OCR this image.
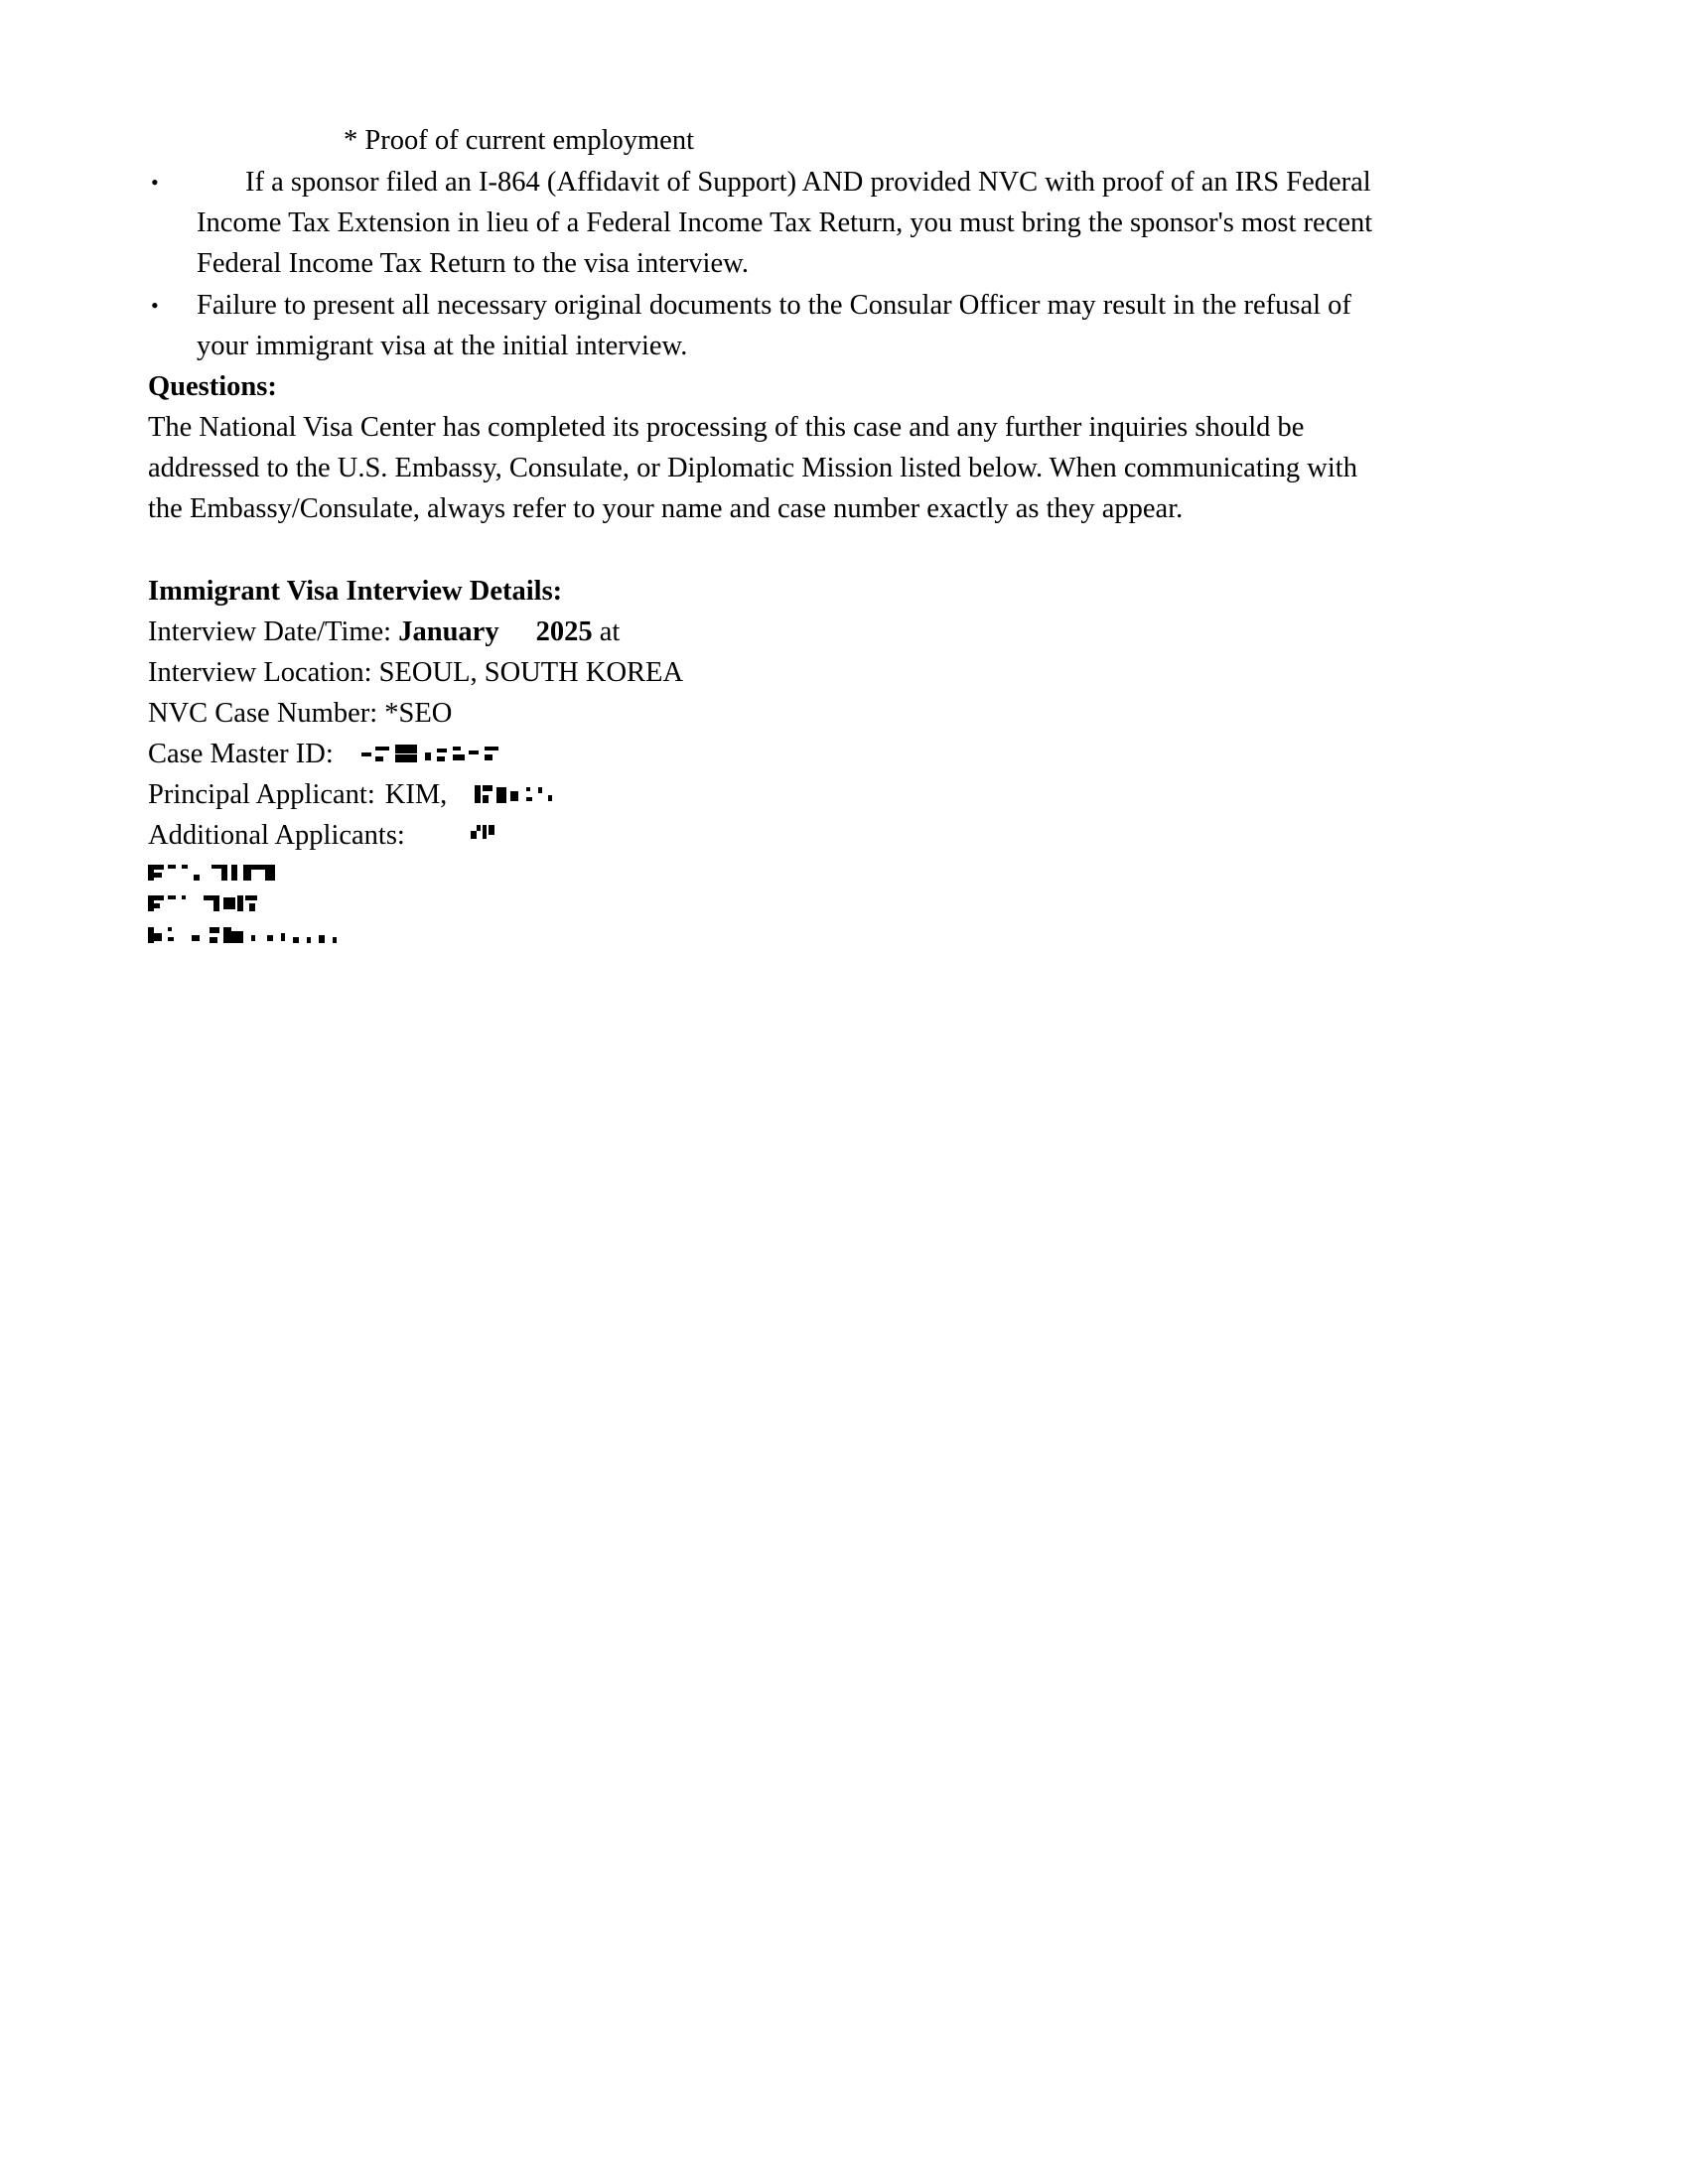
* Proof of current employment
•	If a sponsor filed an I-864 (Affidavit of Support) AND provided NVC with proof of an IRS Federal
Income Tax Extension in lieu of a Federal Income Tax Return, you must bring the sponsor's most recent
Federal Income Tax Return to the visa interview.
• Failure to present all necessary original documents to the Consular Officer may result in the refusal of
your immigrant visa at the initial interview.
Questions:
The National Visa Center has completed its processing of this case and any further inquiries should be
addressed to the U.S. Embassy, Consulate, or Diplomatic Mission listed below. When communicating with
the Embassy/Consulate, always refer to your name and case number exactly as they appear.
Immigrant Visa Interview Details:
Interview Date/Time: January 2025 at
Interview Location: SEOUL, SOUTH KOREA
NVC Case Number: *SEO
Case Master ID:
Principal Applicant: KIM,
Additional Applicants:
